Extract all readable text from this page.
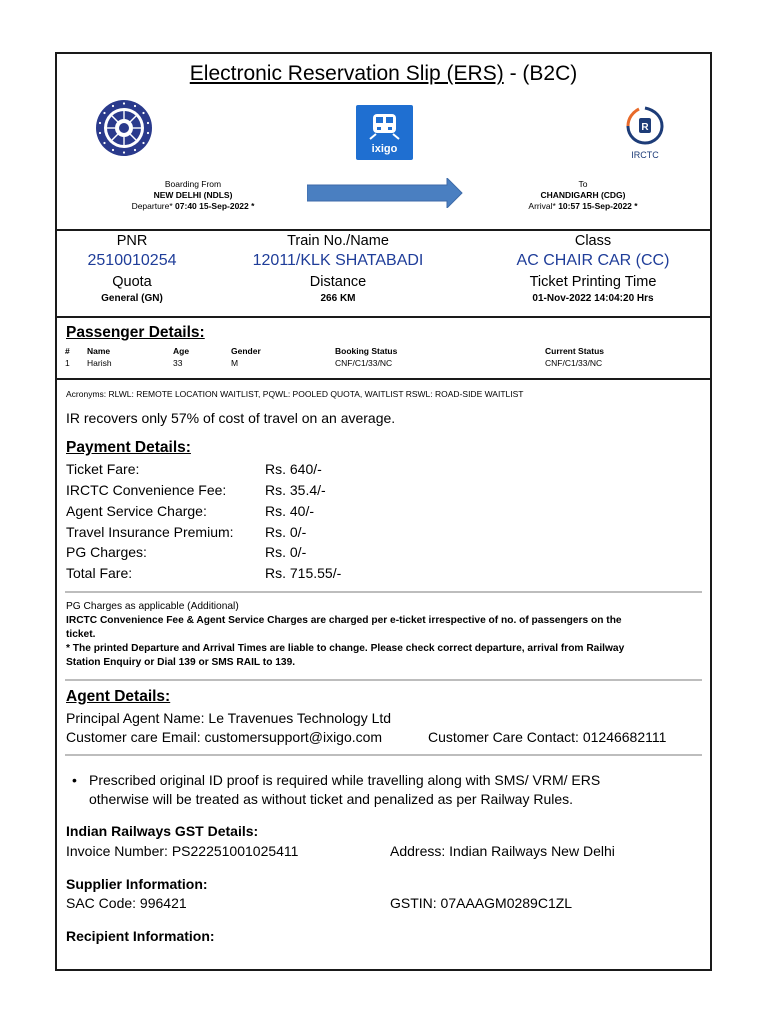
Electronic Reservation Slip (ERS) - (B2C)
ixigo
R
IRCTC
Boarding From
NEW DELHI (NDLS)
Departure* 07:40 15-Sep-2022 *
To
CHANDIGARH (CDG)
Arrival* 10:57 15-Sep-2022 *
PNR
2510010254
Quota
General (GN)
Train No./Name
12011/KLK SHATABADI
Distance
266 KM
Class
AC CHAIR CAR (CC)
Ticket Printing Time
01-Nov-2022 14:04:20 Hrs
Passenger Details:
# Name	Age	Gender	Booking Status	Current Status
1 Harish	33	M	CNF/C1/33/NC	CNF/C1/33/NC
Acronyms: RLWL: REMOTE LOCATION WAITLIST, PQWL: POOLED QUOTA, WAITLIST RSWL: ROAD-SIDE WAITLIST
IR recovers only 57% of cost of travel on an average.
Payment Details:
Ticket Fare:	Rs. 640/-
IRCTC Convenience Fee:	Rs. 35.4/-
Agent Service Charge:	Rs. 40/-
Travel Insurance Premium: Rs. 0/-
PG Charges:	Rs. 0/-
Total Fare:	Rs. 715.55/-
PG Charges as applicable (Additional)
IRCTC Convenience Fee & Agent Service Charges are charged per e-ticket irrespective of no. of passengers on the
ticket.
* The printed Departure and Arrival Times are liable to change. Please check correct departure, arrival from Railway
Station Enquiry or Dial 139 or SMS RAIL to 139.
Agent Details:
Principal Agent Name: Le Travenues Technology Ltd
Customer care Email: customersupport@ixigo.com	Customer Care Contact: 01246682111
• Prescribed original ID proof is required while travelling along with SMS/ VRM/ ERS
otherwise will be treated as without ticket and penalized as per Railway Rules.
Indian Railways GST Details:
Invoice Number: PS22251001025411	Address: Indian Railways New Delhi
Supplier Information:
SAC Code: 996421	GSTIN: 07AAAGM0289C1ZL
Recipient Information:
